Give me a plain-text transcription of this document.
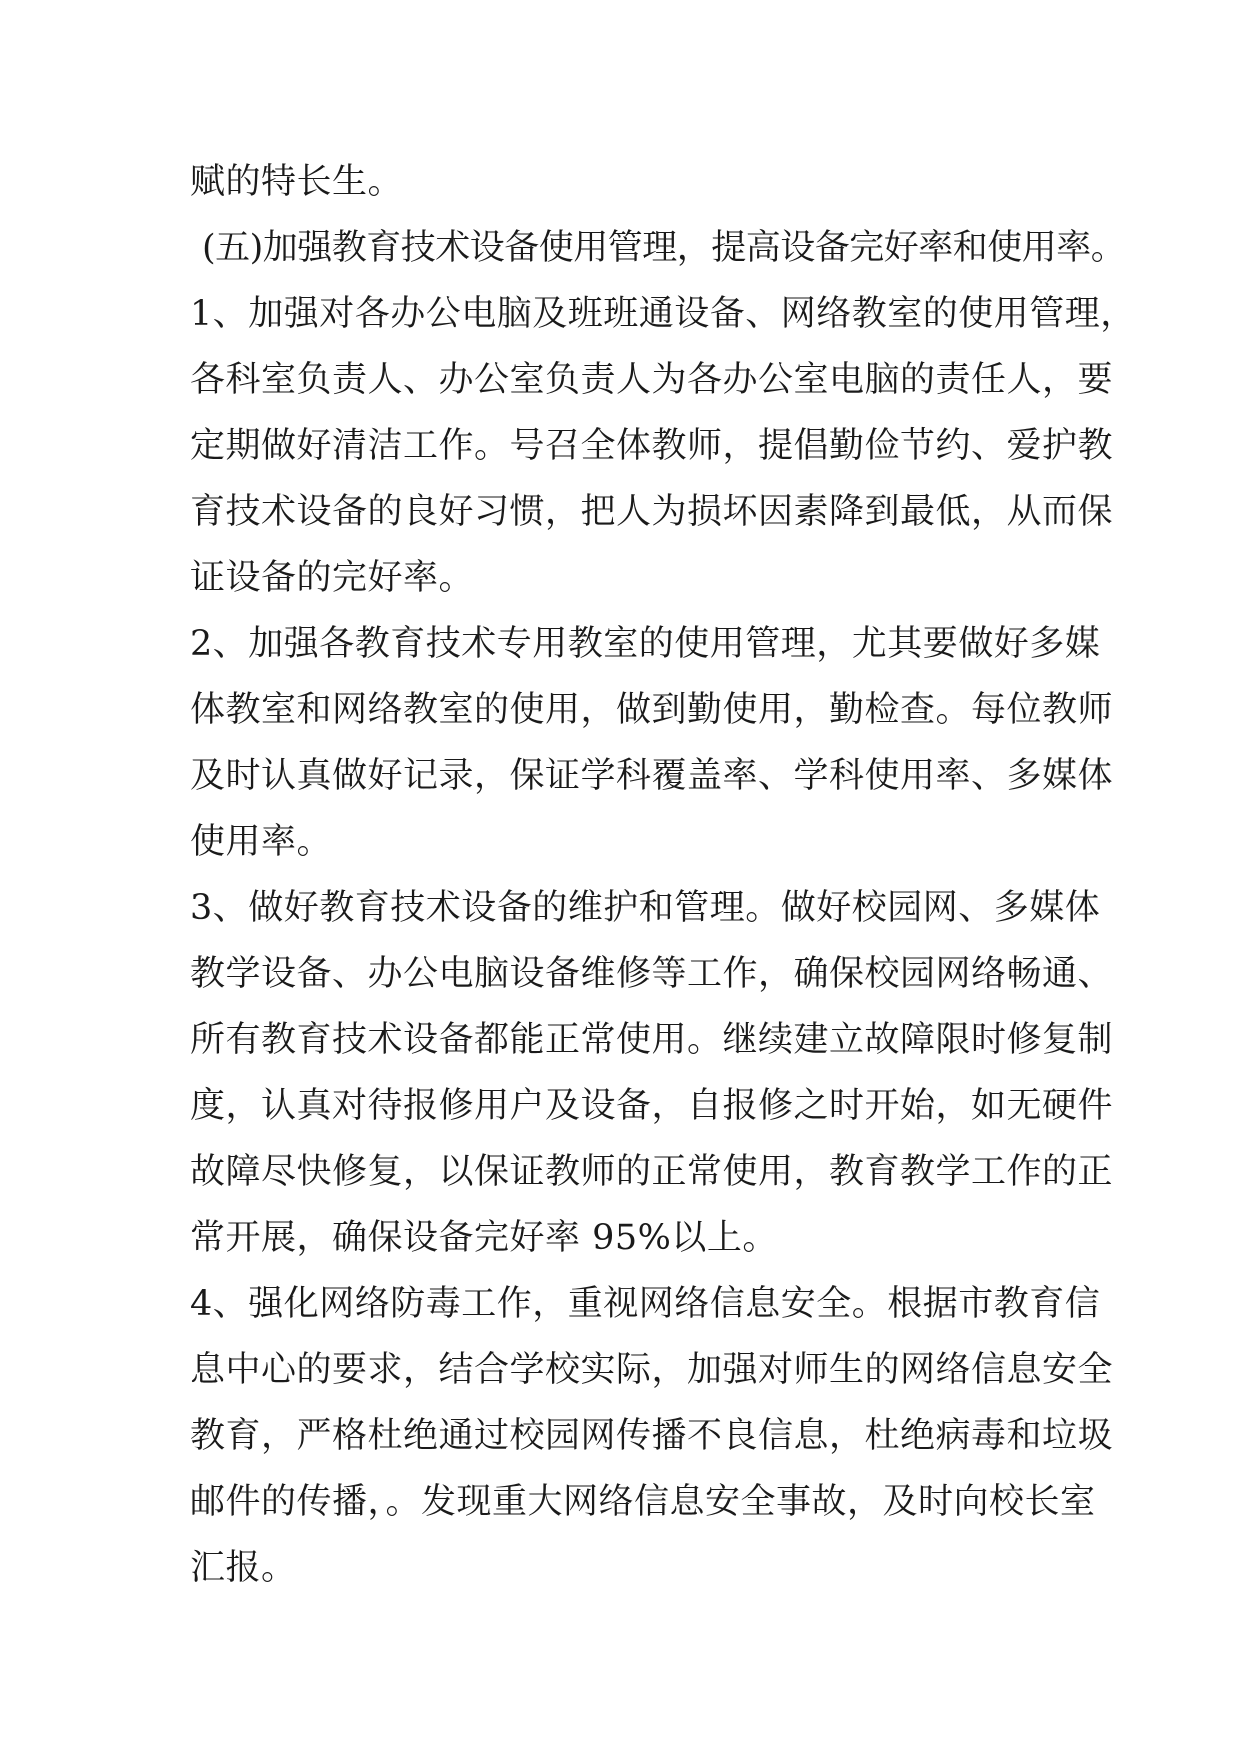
赋的特长生。
(五)加强教育技术设备使用管理，提高设备完好率和使用率。
1、加强对各办公电脑及班班通设备、网络教室的使用管理，
各科室负责人、办公室负责人为各办公室电脑的责任人，要
定期做好清洁工作。号召全体教师，提倡勤俭节约、爱护教
育技术设备的良好习惯，把人为损坏因素降到最低，从而保
证设备的完好率。
2、加强各教育技术专用教室的使用管理，尤其要做好多媒
体教室和网络教室的使用，做到勤使用，勤检查。每位教师
及时认真做好记录，保证学科覆盖率、学科使用率、多媒体
使用率。
3、做好教育技术设备的维护和管理。做好校园网、多媒体
教学设备、办公电脑设备维修等工作，确保校园网络畅通、
所有教育技术设备都能正常使用。继续建立故障限时修复制
度，认真对待报修用户及设备，自报修之时开始，如无硬件
故障尽快修复，以保证教师的正常使用，教育教学工作的正
常开展，确保设备完好率 95%以上。
4、强化网络防毒工作，重视网络信息安全。根据市教育信
息中心的要求，结合学校实际，加强对师生的网络信息安全
教育，严格杜绝通过校园网传播不良信息，杜绝病毒和垃圾
邮件的传播，。发现重大网络信息安全事故，及时向校长室
汇报。
